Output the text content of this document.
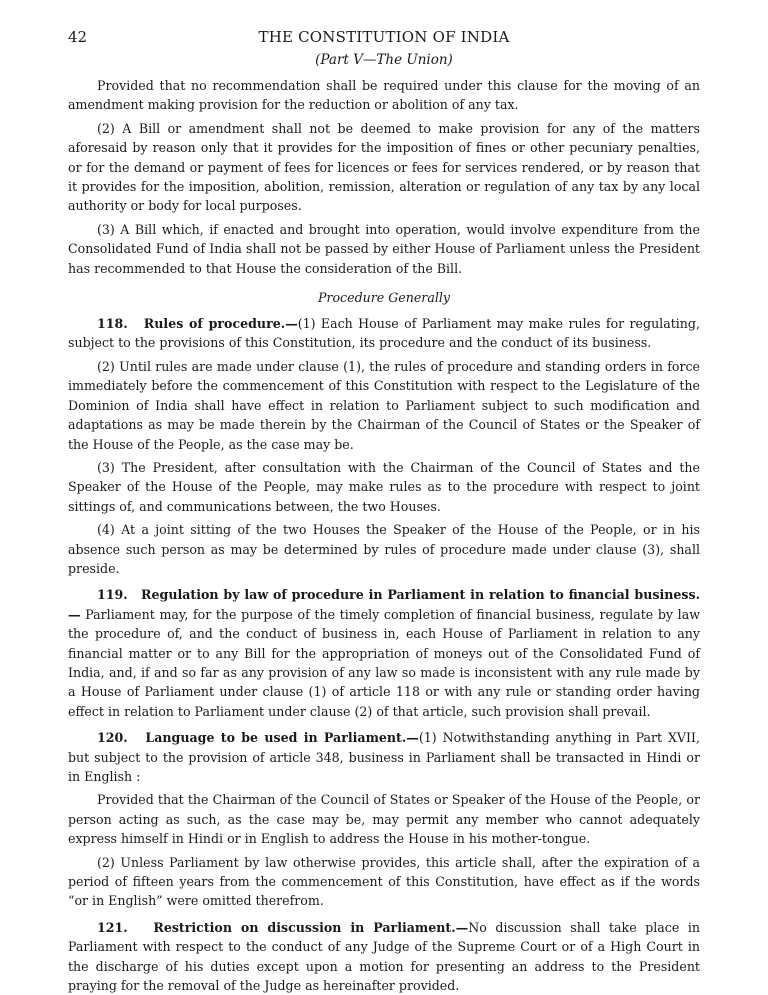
42	THE CONSTITUTION OF INDIA
(Part V—The Union)

Provided that no recommendation shall be required under this clause for the moving of an amendment making provision for the reduction or abolition of any tax.

(2) A Bill or amendment shall not be deemed to make provision for any of the matters aforesaid by reason only that it provides for the imposition of fines or other pecuniary penalties, or for the demand or payment of fees for licences or fees for services rendered, or by reason that it provides for the imposition, abolition, remission, alteration or regulation of any tax by any local authority or body for local purposes.

(3) A Bill which, if enacted and brought into operation, would involve expenditure from the Consolidated Fund of India shall not be passed by either House of Parliament unless the President has recommended to that House the consideration of the Bill.

Procedure Generally

118. Rules of procedure.—(1) Each House of Parliament may make rules for regulating, subject to the provisions of this Constitution, its procedure and the conduct of its business.

(2) Until rules are made under clause (1), the rules of procedure and standing orders in force immediately before the commencement of this Constitution with respect to the Legislature of the Dominion of India shall have effect in relation to Parliament subject to such modification and adaptations as may be made therein by the Chairman of the Council of States or the Speaker of the House of the People, as the case may be.

(3) The President, after consultation with the Chairman of the Council of States and the Speaker of the House of the People, may make rules as to the procedure with respect to joint sittings of, and communications between, the two Houses.

(4) At a joint sitting of the two Houses the Speaker of the House of the People, or in his absence such person as may be determined by rules of procedure made under clause (3), shall preside.

119. Regulation by law of procedure in Parliament in relation to financial business.— Parliament may, for the purpose of the timely completion of financial business, regulate by law the procedure of, and the conduct of business in, each House of Parliament in relation to any financial matter or to any Bill for the appropriation of moneys out of the Consolidated Fund of India, and, if and so far as any provision of any law so made is inconsistent with any rule made by a House of Parliament under clause (1) of article 118 or with any rule or standing order having effect in relation to Parliament under clause (2) of that article, such provision shall prevail.

120. Language to be used in Parliament.—(1) Notwithstanding anything in Part XVII, but subject to the provision of article 348, business in Parliament shall be transacted in Hindi or in English :

Provided that the Chairman of the Council of States or Speaker of the House of the People, or person acting as such, as the case may be, may permit any member who cannot adequately express himself in Hindi or in English to address the House in his mother-tongue.

(2) Unless Parliament by law otherwise provides, this article shall, after the expiration of a period of fifteen years from the commencement of this Constitution, have effect as if the words “or in English” were omitted therefrom.

121. Restriction on discussion in Parliament.—No discussion shall take place in Parliament with respect to the conduct of any Judge of the Supreme Court or of a High Court in the discharge of his duties except upon a motion for presenting an address to the President praying for the removal of the Judge as hereinafter provided.
